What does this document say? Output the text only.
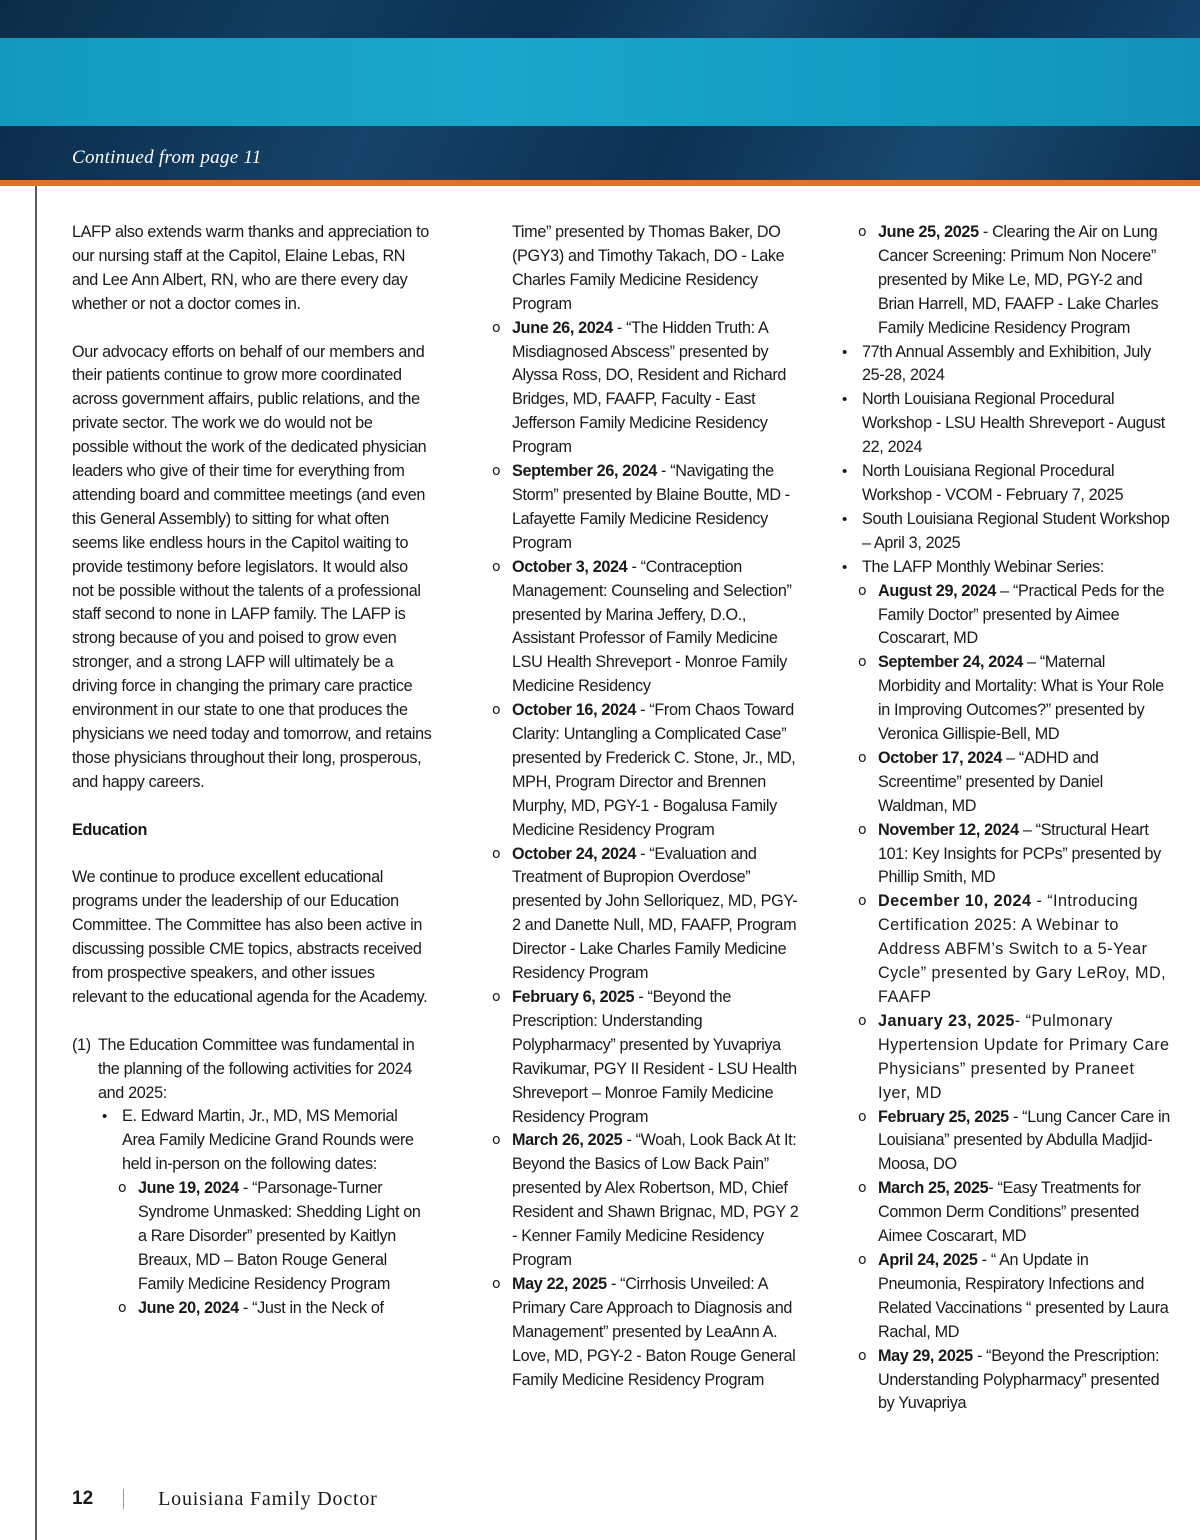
Continued from page 11

LAFP also extends warm thanks and appreciation to our nursing staff at the Capitol, Elaine Lebas, RN and Lee Ann Albert, RN, who are there every day whether or not a doctor comes in.

Our advocacy efforts on behalf of our members and their patients continue to grow more coordinated across government affairs, public relations, and the private sector. The work we do would not be possible without the work of the dedicated physician leaders who give of their time for everything from attending board and committee meetings (and even this General Assembly) to sitting for what often seems like endless hours in the Capitol waiting to provide testimony before legislators. It would also not be possible without the talents of a professional staff second to none in LAFP family. The LAFP is strong because of you and poised to grow even stronger, and a strong LAFP will ultimately be a driving force in changing the primary care practice environment in our state to one that produces the physicians we need today and tomorrow, and retains those physicians throughout their long, prosperous, and happy careers.

Education

We continue to produce excellent educational programs under the leadership of our Education Committee. The Committee has also been active in discussing possible CME topics, abstracts received from prospective speakers, and other issues relevant to the educational agenda for the Academy.

(1) The Education Committee was fundamental in the planning of the following activities for 2024 and 2025:

• E. Edward Martin, Jr., MD, MS Memorial Area Family Medicine Grand Rounds were held in-person on the following dates:

o June 19, 2024 - “Parsonage-Turner Syndrome Unmasked: Shedding Light on a Rare Disorder” presented by Kaitlyn Breaux, MD – Baton Rouge General Family Medicine Residency Program

o June 20, 2024 - “Just in the Neck of

Time” presented by Thomas Baker, DO (PGY3) and Timothy Takach, DO - Lake Charles Family Medicine Residency Program

o June 26, 2024 - “The Hidden Truth: A Misdiagnosed Abscess” presented by Alyssa Ross, DO, Resident and Richard Bridges, MD, FAAFP, Faculty - East Jefferson Family Medicine Residency Program

o September 26, 2024 - “Navigating the Storm” presented by Blaine Boutte, MD - Lafayette Family Medicine Residency Program

o October 3, 2024 - “Contraception Management: Counseling and Selection” presented by Marina Jeffery, D.O., Assistant Professor of Family Medicine LSU Health Shreveport - Monroe Family Medicine Residency

o October 16, 2024 - “From Chaos Toward Clarity: Untangling a Complicated Case” presented by Frederick C. Stone, Jr., MD, MPH, Program Director and Brennen Murphy, MD, PGY-1 - Bogalusa Family Medicine Residency Program

o October 24, 2024 - “Evaluation and Treatment of Bupropion Overdose” presented by John Selloriquez, MD, PGY-2 and Danette Null, MD, FAAFP, Program Director - Lake Charles Family Medicine Residency Program

o February 6, 2025 - “Beyond the Prescription: Understanding Polypharmacy” presented by Yuvapriya Ravikumar, PGY II Resident - LSU Health Shreveport – Monroe Family Medicine Residency Program

o March 26, 2025 - “Woah, Look Back At It: Beyond the Basics of Low Back Pain” presented by Alex Robertson, MD, Chief Resident and Shawn Brignac, MD, PGY 2 - Kenner Family Medicine Residency Program

o May 22, 2025 - “Cirrhosis Unveiled: A Primary Care Approach to Diagnosis and Management” presented by LeaAnn A. Love, MD, PGY-2 - Baton Rouge General Family Medicine Residency Program

o June 25, 2025 - Clearing the Air on Lung Cancer Screening: Primum Non Nocere” presented by Mike Le, MD, PGY-2 and Brian Harrell, MD, FAAFP - Lake Charles Family Medicine Residency Program

• 77th Annual Assembly and Exhibition, July 25-28, 2024

• North Louisiana Regional Procedural Workshop - LSU Health Shreveport - August 22, 2024

• North Louisiana Regional Procedural Workshop - VCOM - February 7, 2025

• South Louisiana Regional Student Workshop – April 3, 2025

• The LAFP Monthly Webinar Series:

o August 29, 2024 – “Practical Peds for the Family Doctor” presented by Aimee Coscarart, MD

o September 24, 2024 – “Maternal Morbidity and Mortality: What is Your Role in Improving Outcomes?” presented by Veronica Gillispie-Bell, MD

o October 17, 2024 – “ADHD and Screentime” presented by Daniel Waldman, MD

o November 12, 2024 – “Structural Heart 101: Key Insights for PCPs” presented by Phillip Smith, MD

o December 10, 2024 - “Introducing Certification 2025: A Webinar to Address ABFM’s Switch to a 5-Year Cycle” presented by Gary LeRoy, MD, FAAFP

o January 23, 2025- “Pulmonary Hypertension Update for Primary Care Physicians” presented by Praneet Iyer, MD

o February 25, 2025 - “Lung Cancer Care in Louisiana” presented by Abdulla Madjid-Moosa, DO

o March 25, 2025- “Easy Treatments for Common Derm Conditions” presented Aimee Coscarart, MD

o April 24, 2025 - “ An Update in Pneumonia, Respiratory Infections and Related Vaccinations “ presented by Laura Rachal, MD

o May 29, 2025 - “Beyond the Prescription: Understanding Polypharmacy” presented by Yuvapriya

12	Louisiana Family Doctor
